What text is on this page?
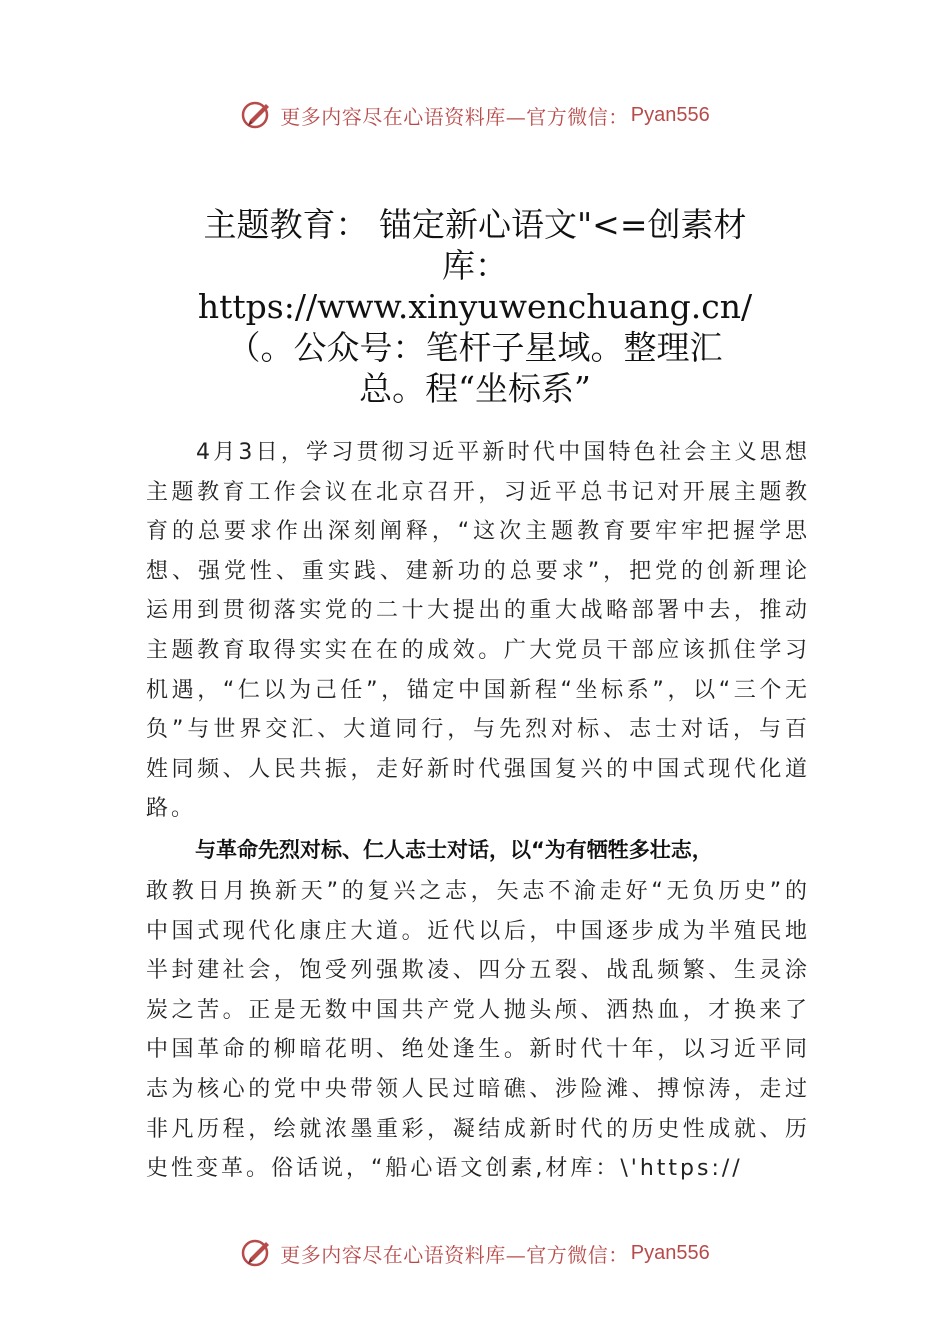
更多内容尽在心语资料库—官方微信： Pyan556
主题教育： 锚定新心语文"<=创素材库：https://www.xinyuwenchuang.cn/（。公众号：笔杆子星域。整理汇总。程“坐标系”
4月3日，学习贯彻习近平新时代中国特色社会主义思想主题教育工作会议在北京召开，习近平总书记对开展主题教育的总要求作出深刻阐释，“这次主题教育要牢牢把握学思想、强党性、重实践、建新功的总要求”，把党的创新理论运用到贯彻落实党的二十大提出的重大战略部署中去，推动主题教育取得实实在在的成效。广大党员干部应该抓住学习机遇，“仁以为己任”，锚定中国新程“坐标系”，以“三个无负”与世界交汇、大道同行，与先烈对标、志士对话，与百姓同频、人民共振，走好新时代强国复兴的中国式现代化道路。
与革命先烈对标、仁人志士对话，以“为有牺牲多壮志，
敢教日月换新天”的复兴之志，矢志不渝走好“无负历史”的中国式现代化康庄大道。近代以后，中国逐步成为半殖民地半封建社会，饱受列强欺凌、四分五裂、战乱频繁、生灵涂炭之苦。正是无数中国共产党人抛头颅、洒热血，才换来了中国革命的柳暗花明、绝处逢生。新时代十年，以习近平同志为核心的党中央带领人民过暗礁、涉险滩、搏惊涛，走过非凡历程，绘就浓墨重彩，凝结成新时代的历史性成就、历史性变革。俗话说，“船心语文创素,材库：\'https://
更多内容尽在心语资料库—官方微信： Pyan556
